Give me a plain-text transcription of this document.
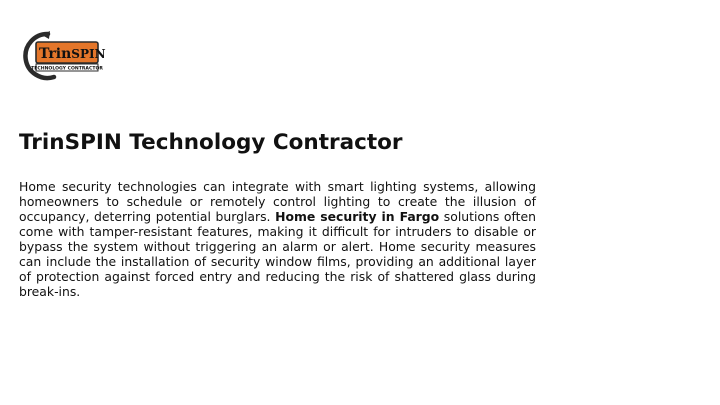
TrinSPIN
TECHNOLOGY CONTRACTOR
TrinSPIN Technology Contractor

Home security technologies can integrate with smart lighting systems, allowing homeowners to schedule or remotely control lighting to create the illusion of occupancy, deterring potential burglars. Home security in Fargo solutions often come with tamper-resistant features, making it difficult for intruders to disable or bypass the system without triggering an alarm or alert. Home security measures can include the installation of security window films, providing an additional layer of protection against forced entry and reducing the risk of shattered glass during break-ins.
